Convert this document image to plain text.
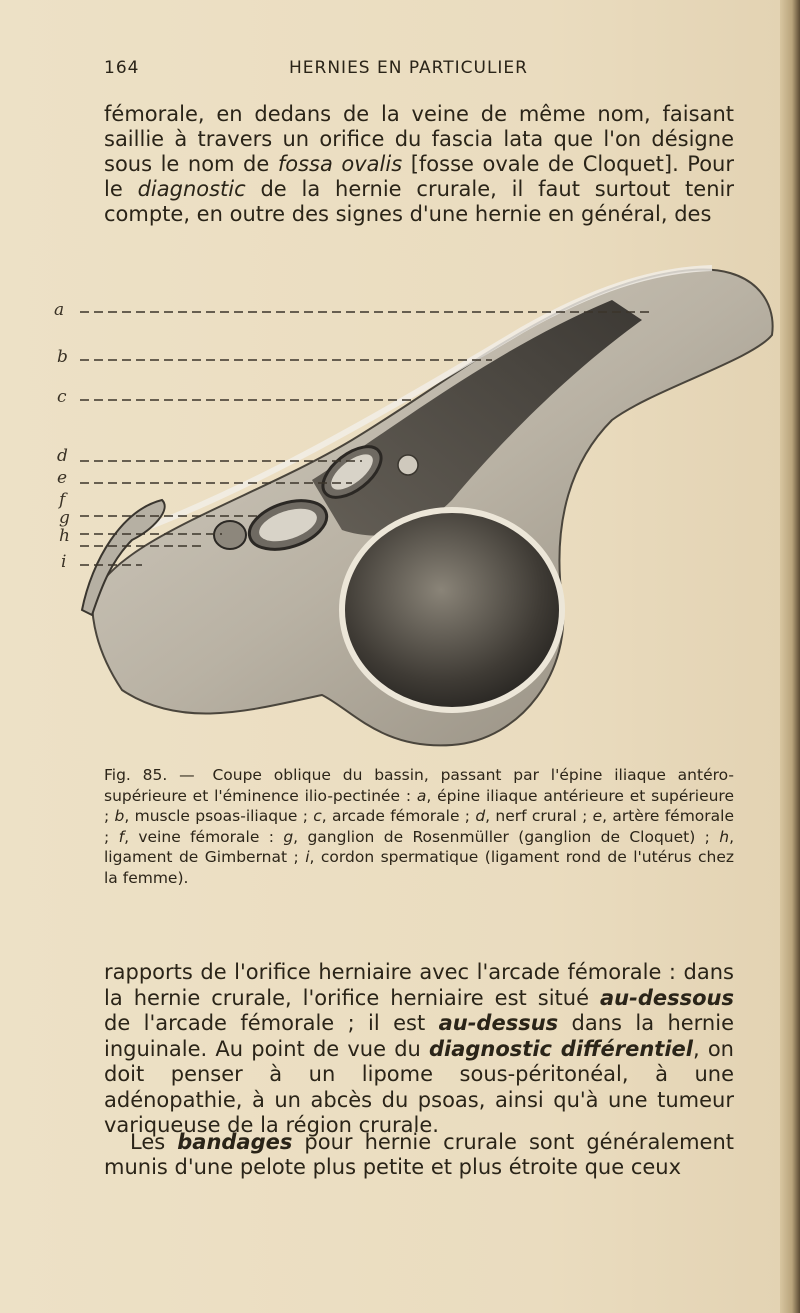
164	HERNIES EN PARTICULIER
fémorale, en dedans de la veine de même nom, faisant saillie à travers un orifice du fascia lata que l'on désigne sous le nom de fossa ovalis [fosse ovale de Cloquet]. Pour le diagnostic de la hernie crurale, il faut surtout tenir compte, en outre des signes d'une hernie en général, des
a
b
c
d
e
f
g
h
i
Fig. 85. — Coupe oblique du bassin, passant par l'épine iliaque antéro-supérieure et l'éminence ilio-pectinée : a, épine iliaque antérieure et supérieure ; b, muscle psoas-iliaque ; c, arcade fémorale ; d, nerf crural ; e, artère fémorale ; f, veine fémorale : g, ganglion de Rosenmüller (ganglion de Cloquet) ; h, ligament de Gimbernat ; i, cordon spermatique (ligament rond de l'utérus chez la femme).
rapports de l'orifice herniaire avec l'arcade fémorale : dans la hernie crurale, l'orifice herniaire est situé au-dessous de l'arcade fémorale ; il est au-dessus dans la hernie inguinale. Au point de vue du diagnostic différentiel, on doit penser à un lipome sous-péritonéal, à une adénopathie, à un abcès du psoas, ainsi qu'à une tumeur variqueuse de la région crurale.
Les bandages pour hernie crurale sont généralement munis d'une pelote plus petite et plus étroite que ceux
